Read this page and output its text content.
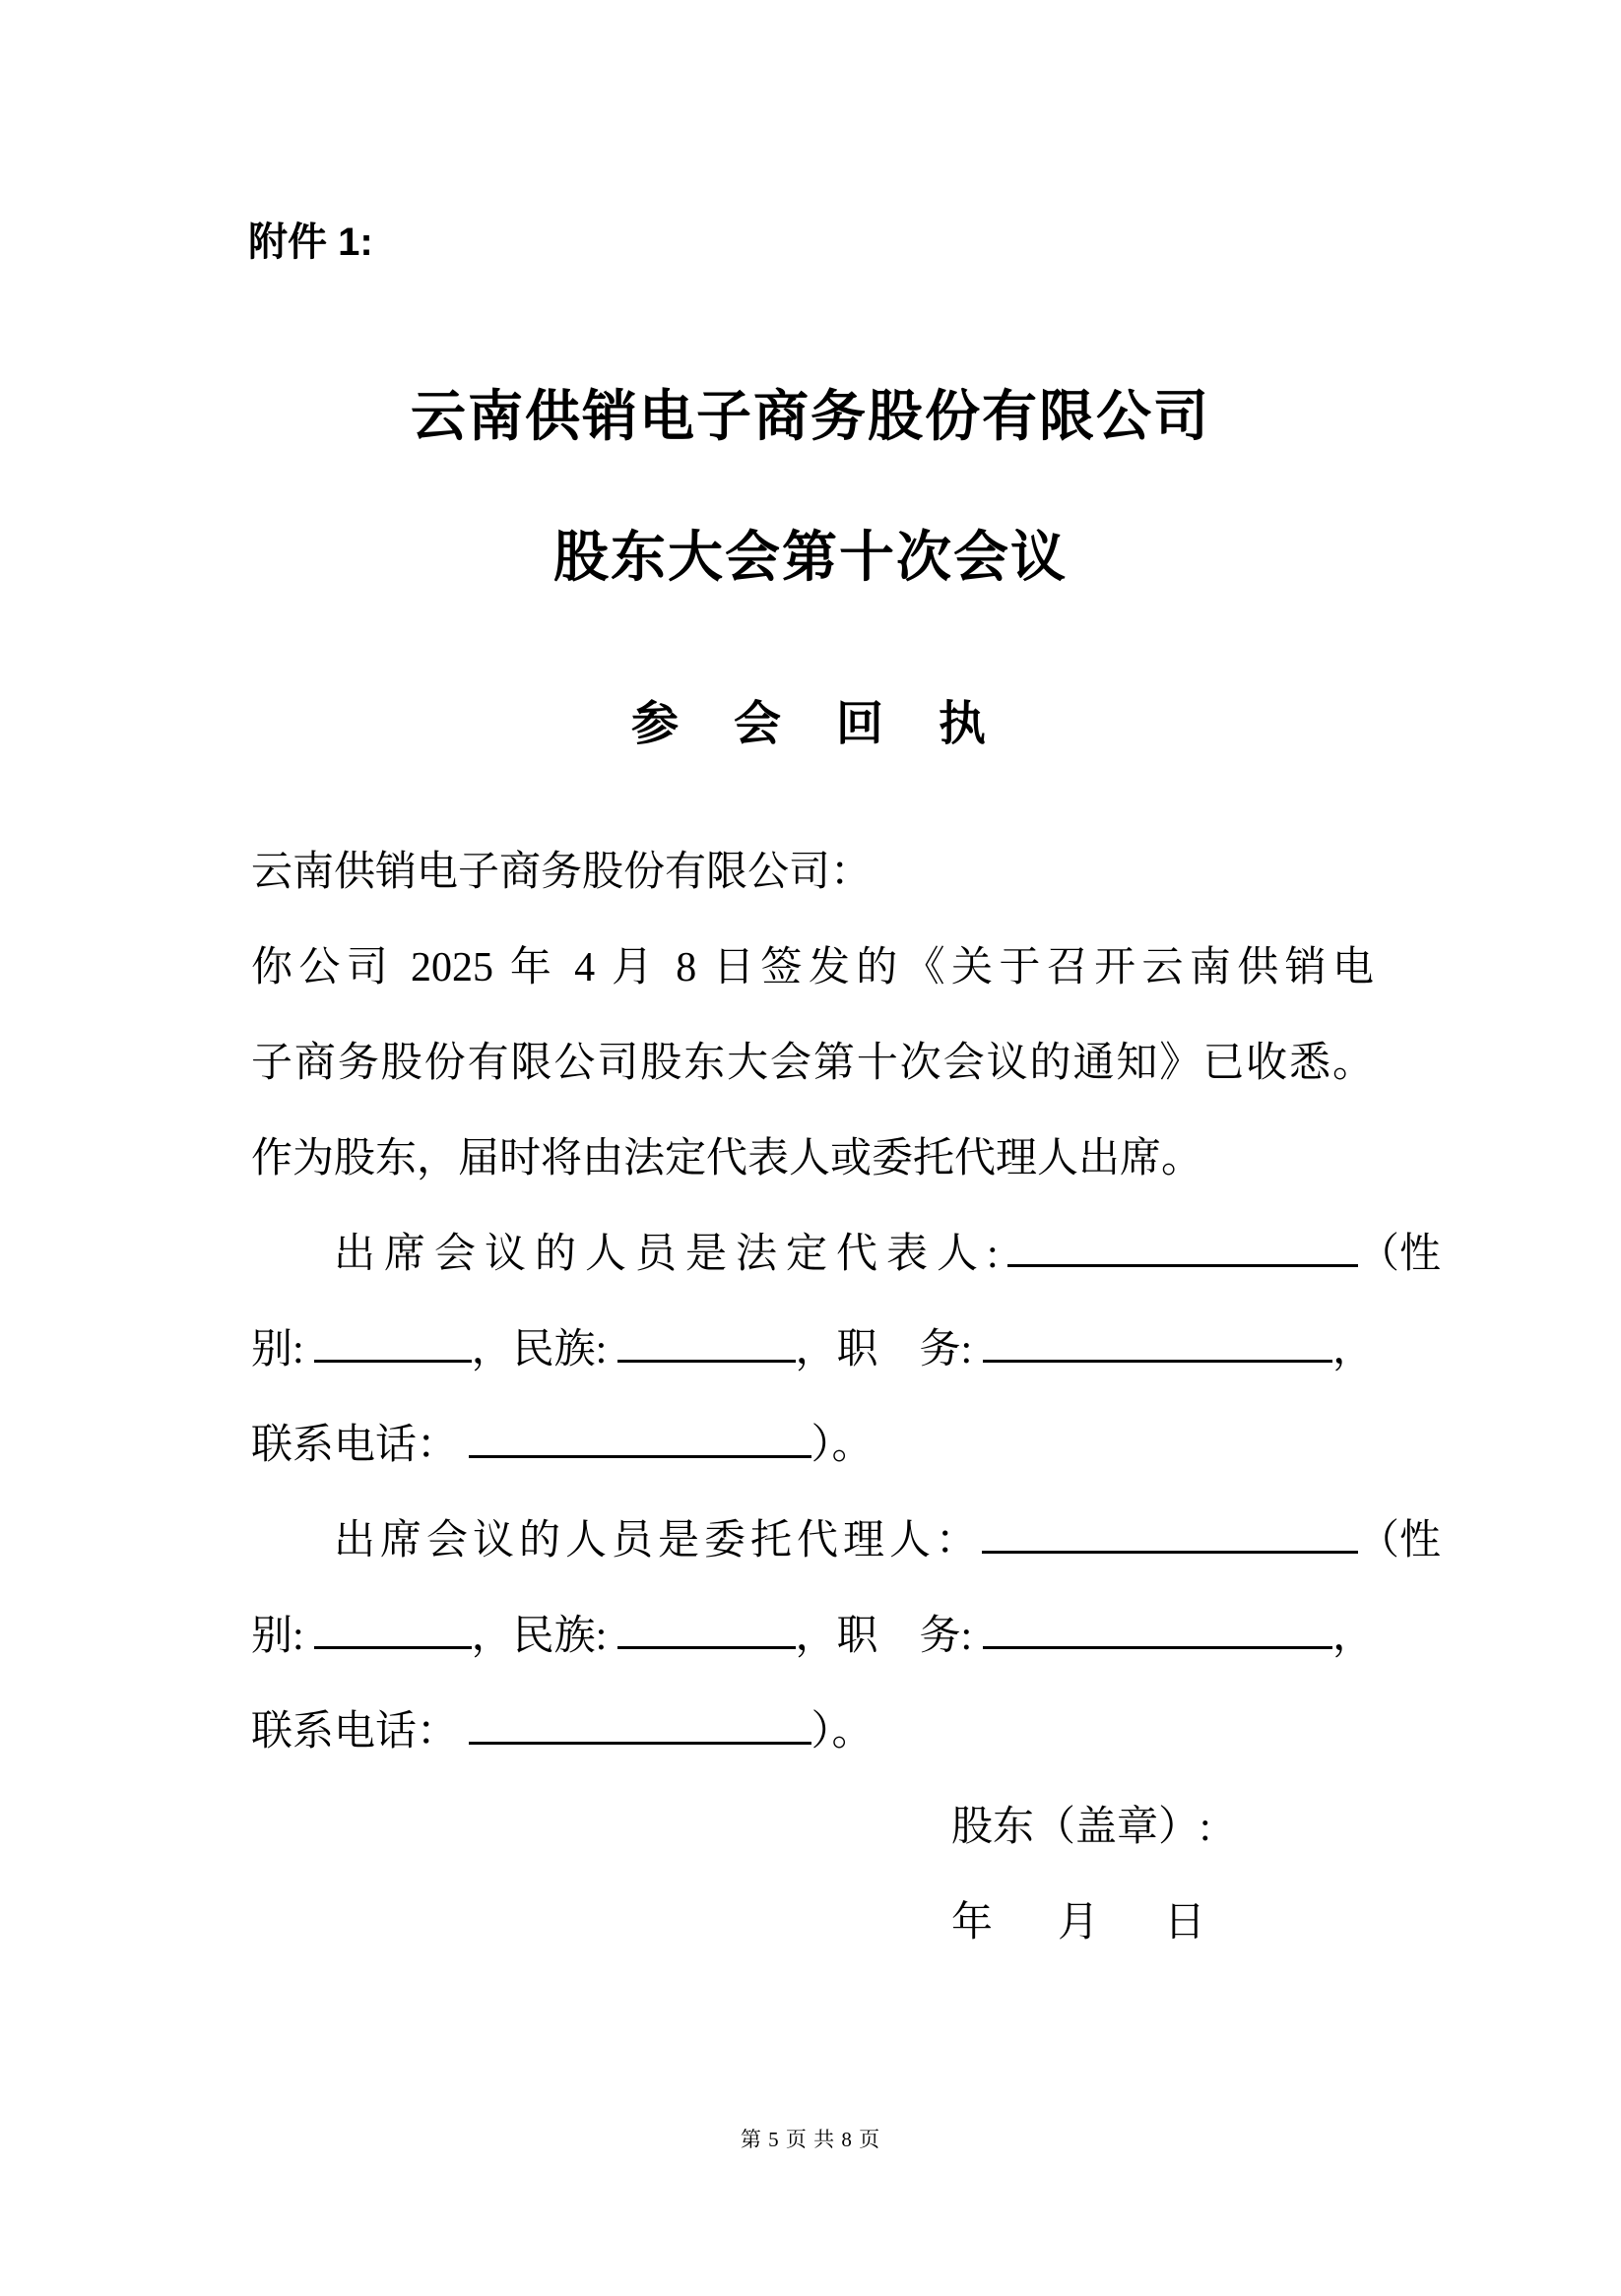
附件 1:
云南供销电子商务股份有限公司
股东大会第十次会议
参　会　回　执
云南供销电子商务股份有限公司：
你公司 2025 年 4 月 8 日签发的《关于召开云南供销电
子商务股份有限公司股东大会第十次会议的通知》已收悉。
作为股东，届时将由法定代表人或委托代理人出席。
出席会议的人员是法定代表人:	（性
别:	，民族:	，职　务:	，
联系电话：	）。
出席会议的人员是委托代理人：	（性
别:	，民族:	，职　务:	，
联系电话：	）。
股东（盖章）:
年　月　日
第 5 页 共 8 页
